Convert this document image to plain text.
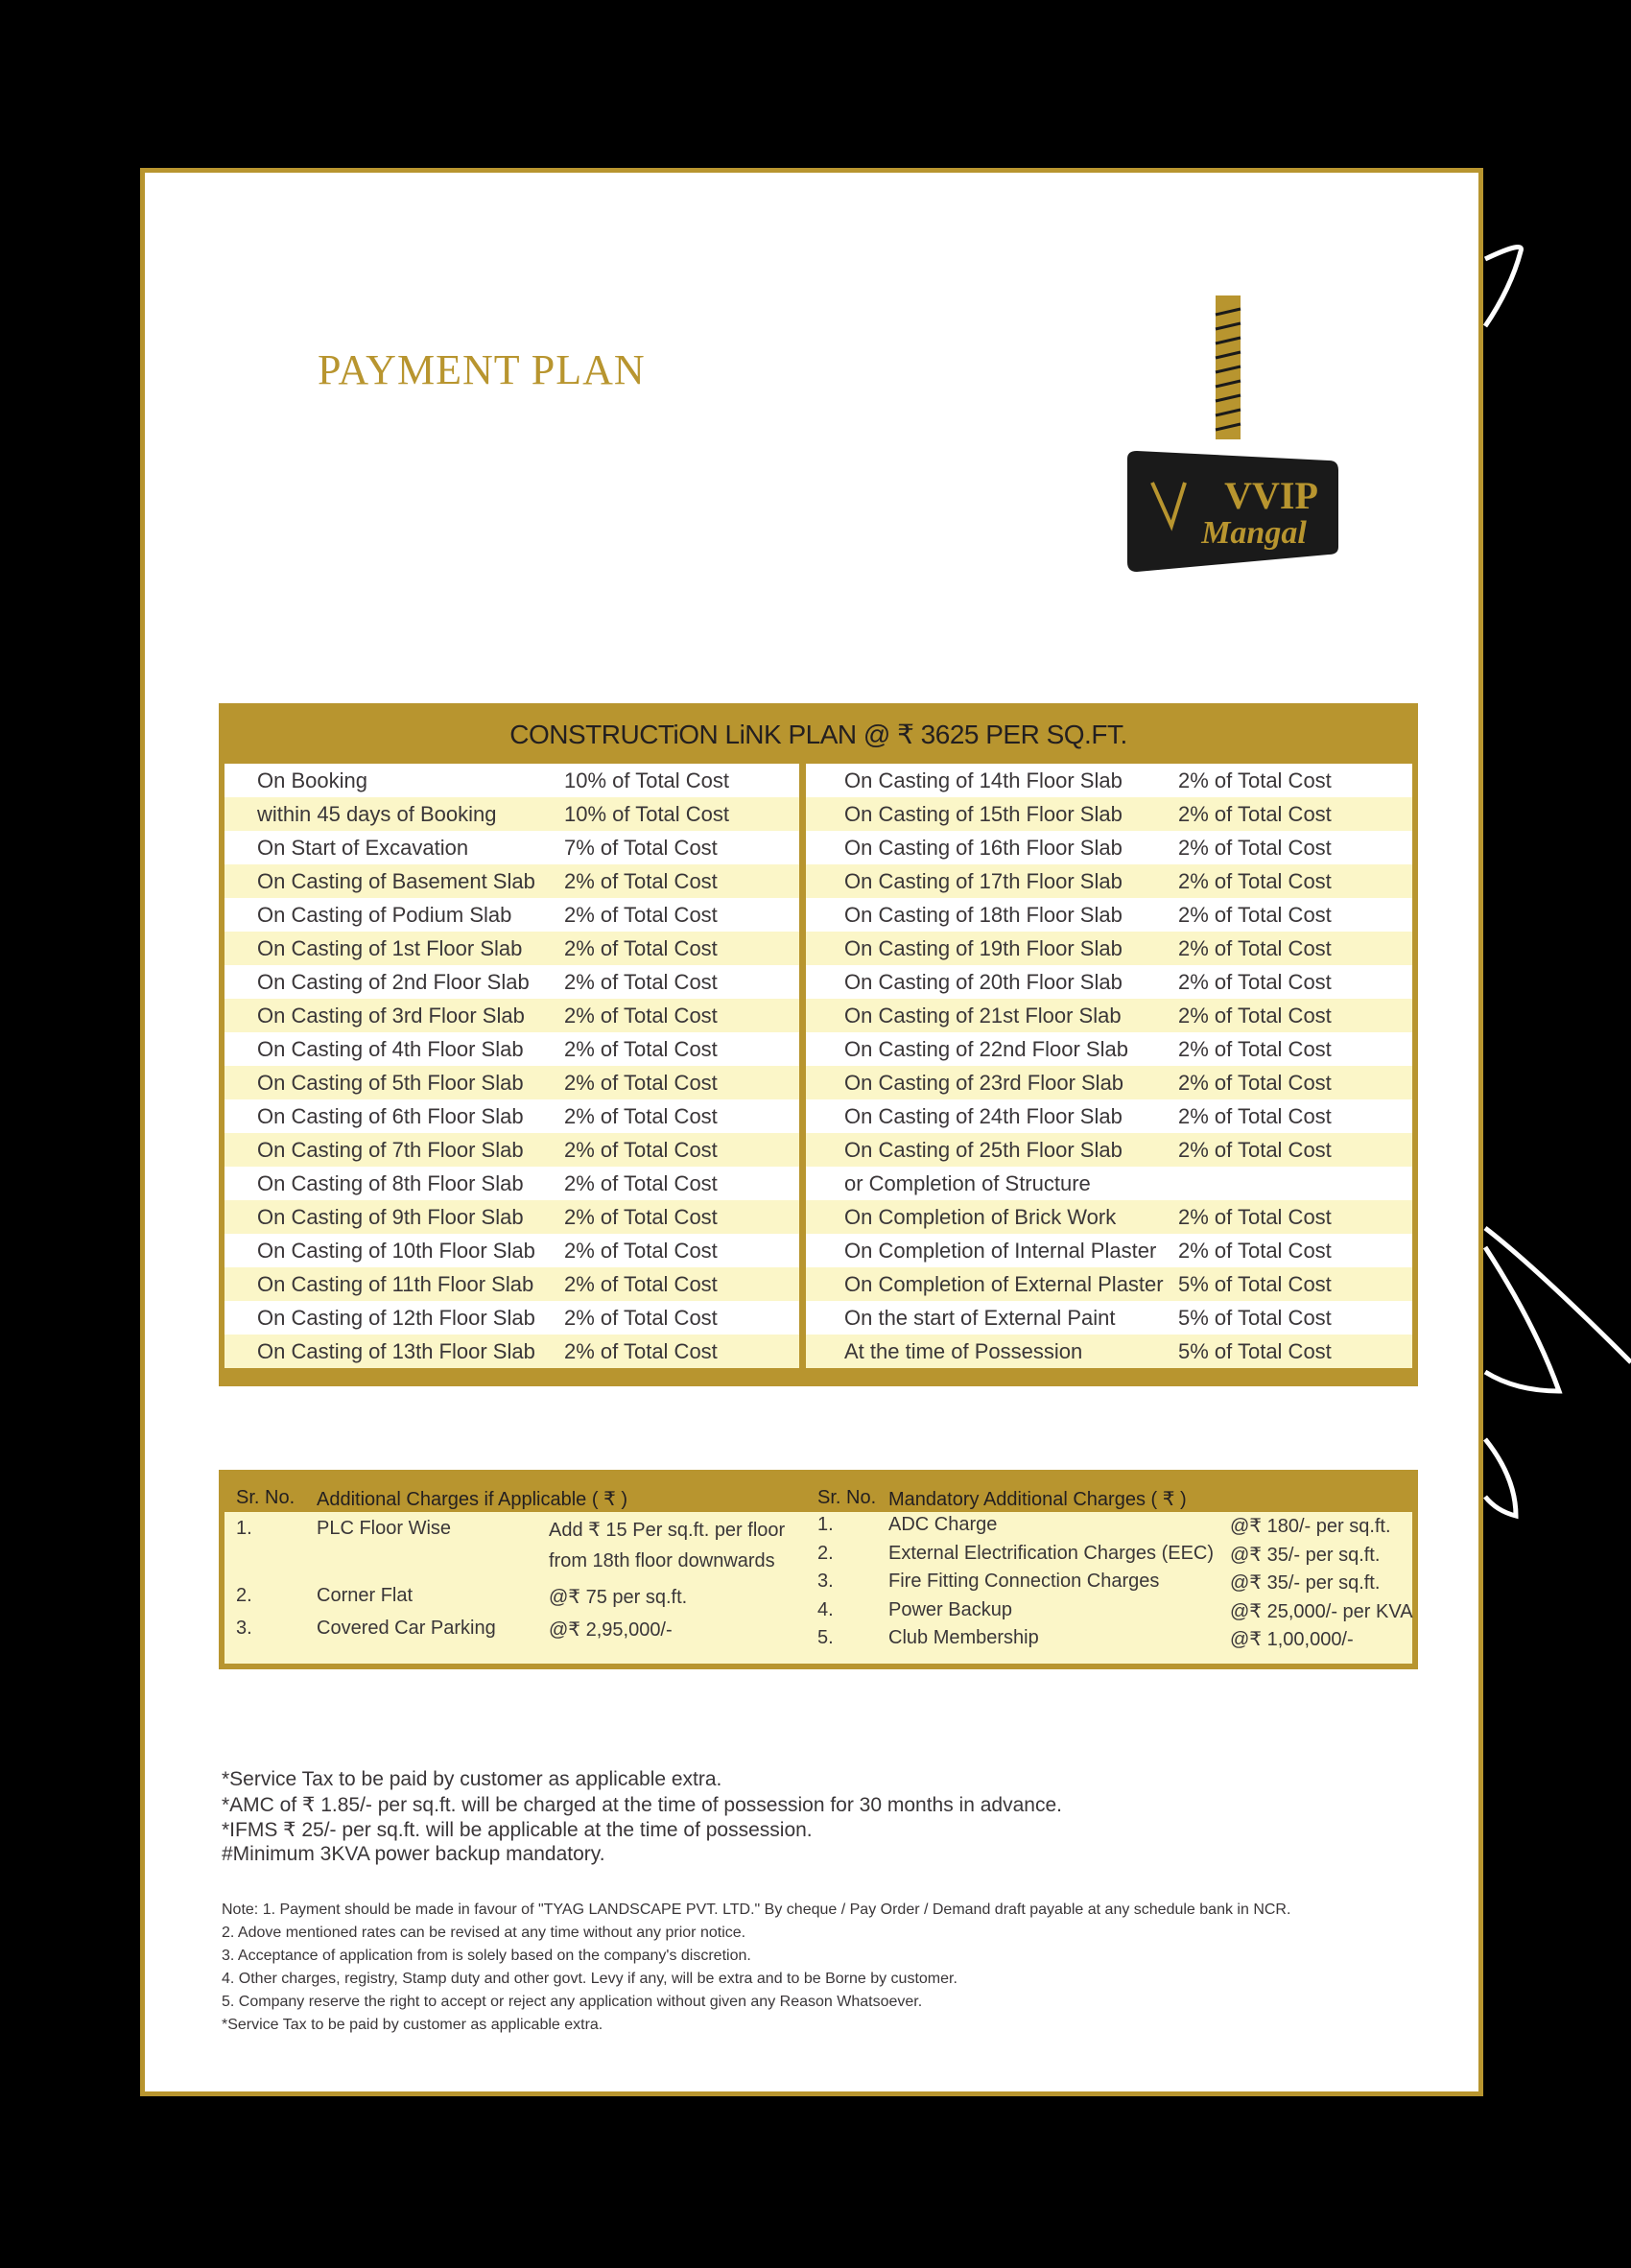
PAYMENT PLAN
VVIP
Mangal
CONSTRUCTiON LiNK PLAN @ ₹ 3625 PER SQ.FT.
On Booking	10% of Total Cost
within 45 days of Booking	10% of Total Cost
On Start of Excavation	7% of Total Cost
On Casting of Basement Slab	2% of Total Cost
On Casting of Podium Slab	2% of Total Cost
On Casting of 1st Floor Slab	2% of Total Cost
On Casting of 2nd Floor Slab	2% of Total Cost
On Casting of 3rd Floor Slab	2% of Total Cost
On Casting of 4th Floor Slab	2% of Total Cost
On Casting of 5th Floor Slab	2% of Total Cost
On Casting of 6th Floor Slab	2% of Total Cost
On Casting of 7th Floor Slab	2% of Total Cost
On Casting of 8th Floor Slab	2% of Total Cost
On Casting of 9th Floor Slab	2% of Total Cost
On Casting of 10th Floor Slab	2% of Total Cost
On Casting of 11th Floor Slab	2% of Total Cost
On Casting of 12th Floor Slab	2% of Total Cost
On Casting of 13th Floor Slab	2% of Total Cost
On Casting of 14th Floor Slab	2% of Total Cost
On Casting of 15th Floor Slab	2% of Total Cost
On Casting of 16th Floor Slab	2% of Total Cost
On Casting of 17th Floor Slab	2% of Total Cost
On Casting of 18th Floor Slab	2% of Total Cost
On Casting of 19th Floor Slab	2% of Total Cost
On Casting of 20th Floor Slab	2% of Total Cost
On Casting of 21st Floor Slab	2% of Total Cost
On Casting of 22nd Floor Slab	2% of Total Cost
On Casting of 23rd Floor Slab	2% of Total Cost
On Casting of 24th Floor Slab	2% of Total Cost
On Casting of 25th Floor Slab	2% of Total Cost
or Completion of Structure
On Completion of Brick Work	2% of Total Cost
On Completion of Internal Plaster	2% of Total Cost
On Completion of External Plaster 5% of Total Cost
On the start of External Paint	5% of Total Cost
At the time of Possession	5% of Total Cost
Sr. No. Additional Charges if Applicable ( ₹ )	Sr. No. Mandatory Additional Charges ( ₹ )
1.	PLC Floor Wise	Add ₹ 15 Per sq.ft. per floor
from 18th floor downwards
2.	Corner Flat	@₹ 75 per sq.ft.
3.	Covered Car Parking	@₹ 2,95,000/-
1.	ADC Charge	@₹ 180/- per sq.ft.
2.	External Electrification Charges (EEC) @₹ 35/- per sq.ft.
3.	Fire Fitting Connection Charges	@₹ 35/- per sq.ft.
4.	Power Backup	@₹ 25,000/- per KVA
5.	Club Membership	@₹ 1,00,000/-
*Service Tax to be paid by customer as applicable extra.
*AMC of ₹ 1.85/- per sq.ft. will be charged at the time of possession for 30 months in advance.
*IFMS ₹ 25/- per sq.ft. will be applicable at the time of possession.
#Minimum 3KVA power backup mandatory.
Note: 1. Payment should be made in favour of "TYAG LANDSCAPE PVT. LTD." By cheque / Pay Order / Demand draft payable at any schedule bank in NCR.
2. Adove mentioned rates can be revised at any time without any prior notice.
3. Acceptance of application from is solely based on the company's discretion.
4. Other charges, registry, Stamp duty and other govt. Levy if any, will be extra and to be Borne by customer.
5. Company reserve the right to accept or reject any application without given any Reason Whatsoever.
*Service Tax to be paid by customer as applicable extra.
